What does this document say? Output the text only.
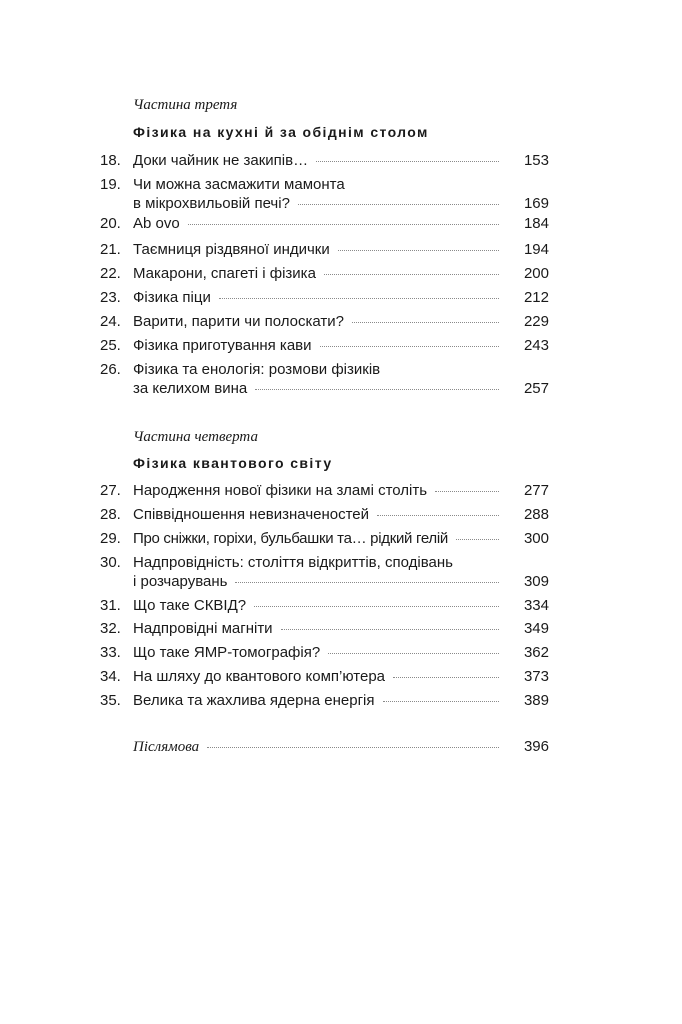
Частина третя
Фізика на кухні й за обіднім столом
18. Доки чайник не закипів…	153
19. Чи можна засмажити мамонта
в мікрохвильовій печі?	169
20. Ab ovo	184
21. Таємниця різдвяної индички	194
22. Макарони, спагеті і фізика	200
23. Фізика піци	212
24. Варити, парити чи полоскати?	229
25. Фізика приготування кави	243
26. Фізика та енологія: розмови фізиків
за келихом вина	257
Частина четверта
Фізика квантового світу
27. Народження нової фізики на зламі століть	277
28. Співвідношення невизначеностей	288
29. Про сніжки, горіхи, бульбашки та… рідкий гелій	300
30. Надпровідність: століття відкриттів, сподівань
і розчарувань	309
31. Що таке СКВІД?	334
32. Надпровідні магніти	349
33. Що таке ЯМР-томографія?	362
34. На шляху до квантового комп’ютера	373
35. Велика та жахлива ядерна енергія	389
Післямова	396
